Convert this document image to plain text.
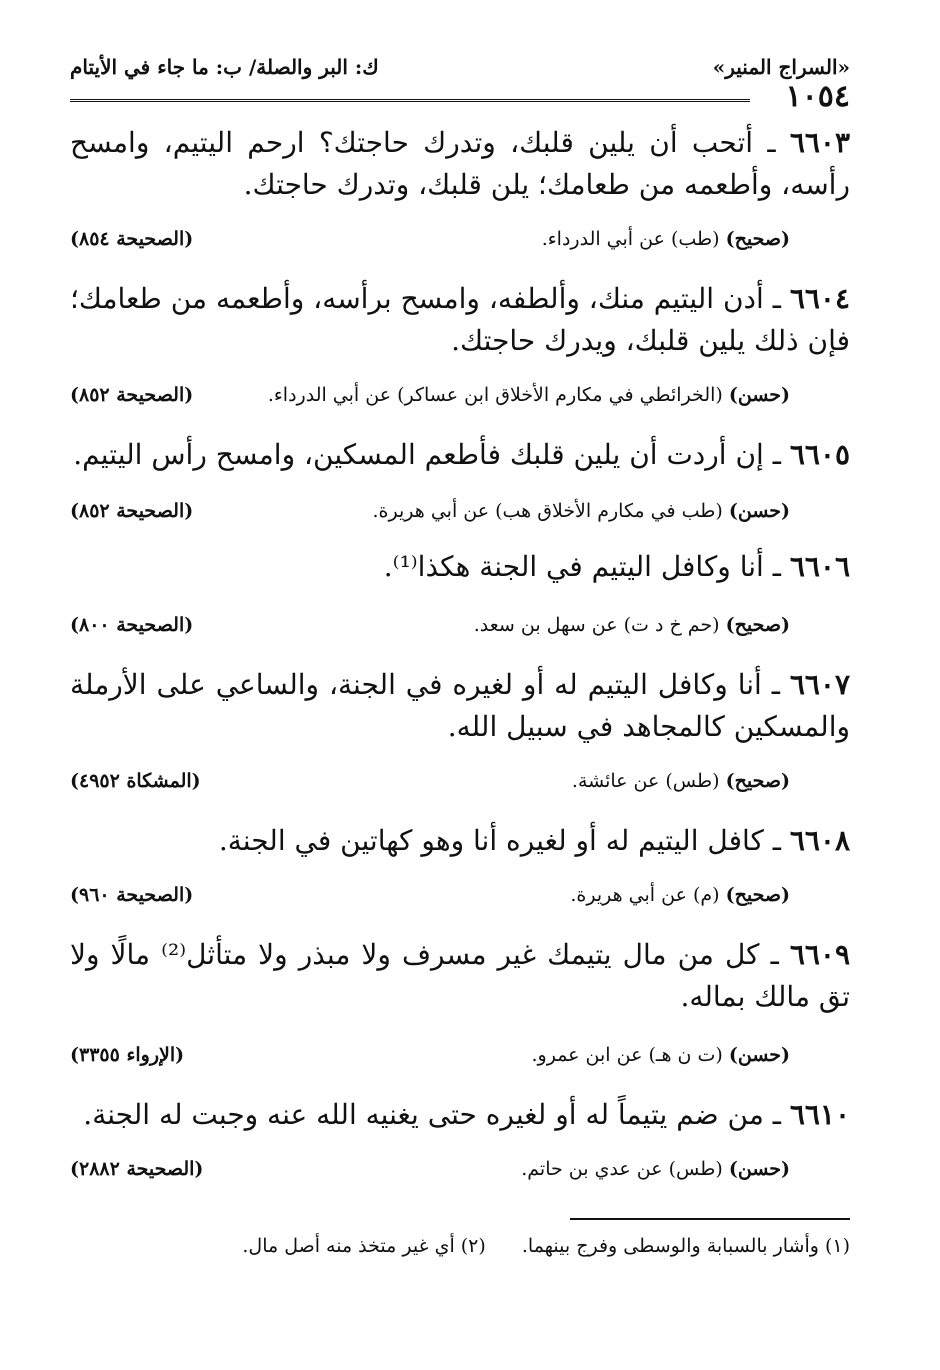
«السراج المنير»
١٠٥٤
ك: البر والصلة/ ب: ما جاء في الأيتام

٦٦٠٣ ـ أتحب أن يلين قلبك، وتدرك حاجتك؟ ارحم اليتيم، وامسح رأسه، وأطعمه من طعامك؛ يلن قلبك، وتدرك حاجتك.

(صحيح) (طب) عن أبي الدرداء.
(الصحيحة ٨٥٤)

٦٦٠٤ ـ أدن اليتيم منك، وألطفه، وامسح برأسه، وأطعمه من طعامك؛ فإن ذلك يلين قلبك، ويدرك حاجتك.

(حسن) (الخرائطي في مكارم الأخلاق ابن عساكر) عن أبي الدرداء.
(الصحيحة ٨٥٢)

٦٦٠٥ ـ إن أردت أن يلين قلبك فأطعم المسكين، وامسح رأس اليتيم.

(حسن) (طب في مكارم الأخلاق هب) عن أبي هريرة.
(الصحيحة ٨٥٢)

٦٦٠٦ ـ أنا وكافل اليتيم في الجنة هكذا⁽¹⁾.

(صحيح) (حم خ د ت) عن سهل بن سعد.
(الصحيحة ٨٠٠)

٦٦٠٧ ـ أنا وكافل اليتيم له أو لغيره في الجنة، والساعي على الأرملة والمسكين كالمجاهد في سبيل الله.

(صحيح) (طس) عن عائشة.
(المشكاة ٤٩٥٢)

٦٦٠٨ ـ كافل اليتيم له أو لغيره أنا وهو كهاتين في الجنة.

(صحيح) (م) عن أبي هريرة.
(الصحيحة ٩٦٠)

٦٦٠٩ ـ كل من مال يتيمك غير مسرف ولا مبذر ولا متأثل⁽²⁾ مالًا ولا تق مالك بماله.

(حسن) (ت ن هـ) عن ابن عمرو.
(الإرواء ٣٣٥٥)

٦٦١٠ ـ من ضم يتيماً له أو لغيره حتى يغنيه الله عنه وجبت له الجنة.

(حسن) (طس) عن عدي بن حاتم.
(الصحيحة ٢٨٨٢)
(١) وأشار بالسبابة والوسطى وفرج بينهما. (٢) أي غير متخذ منه أصل مال.
